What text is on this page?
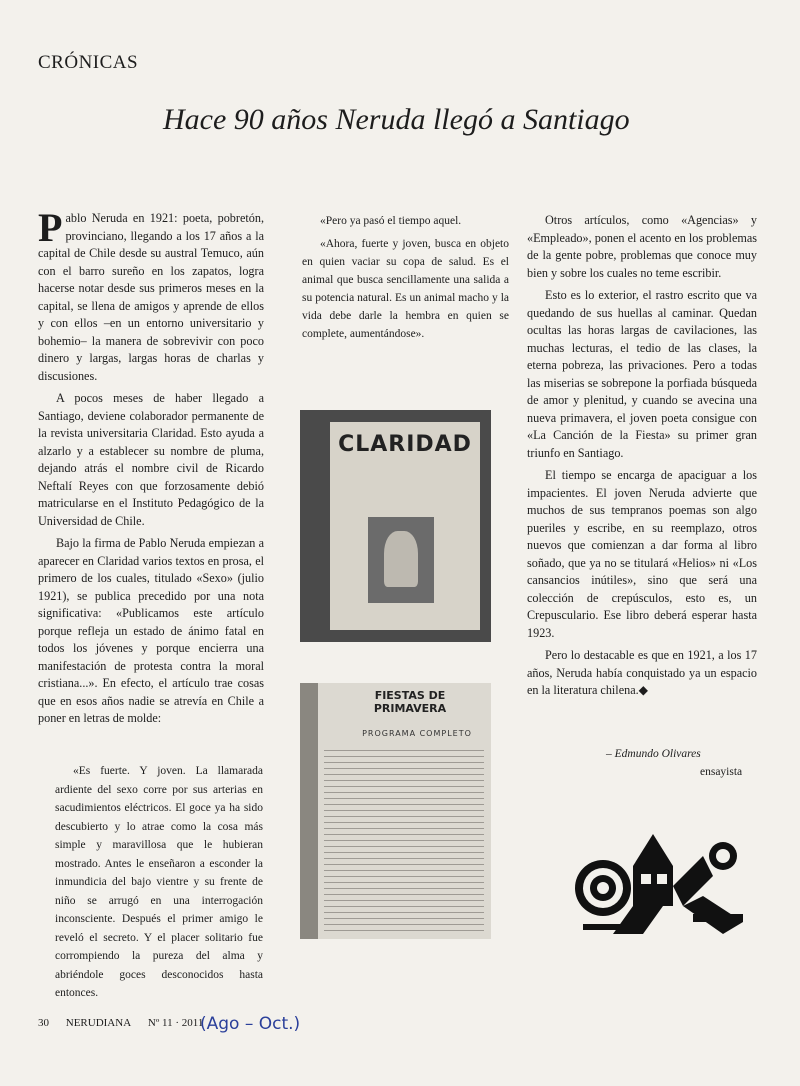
CRÓNICAS
Hace 90 años Neruda llegó a Santiago

Pablo Neruda en 1921: poeta, pobretón, provinciano, llegando a los 17 años a la capital de Chile desde su austral Temuco, aún con el barro sureño en los zapatos, logra hacerse notar desde sus primeros meses en la capital, se llena de amigos y aprende de ellos y con ellos –en un entorno universitario y bohemio– la manera de sobrevivir con poco dinero y largas, largas horas de charlas y discusiones.

A pocos meses de haber llegado a Santiago, deviene colaborador permanente de la revista universitaria Claridad. Esto ayuda a alzarlo y a establecer su nombre de pluma, dejando atrás el nombre civil de Ricardo Neftalí Reyes con que forzosamente debió matricularse en el Instituto Pedagógico de la Universidad de Chile.

Bajo la firma de Pablo Neruda empiezan a aparecer en Claridad varios textos en prosa, el primero de los cuales, titulado «Sexo» (julio 1921), se publica precedido por una nota significativa: «Publicamos este artículo porque refleja un estado de ánimo fatal en todos los jóvenes y porque encierra una manifestación de protesta contra la moral cristiana...». En efecto, el artículo trae cosas que en esos años nadie se atrevía en Chile a poner en letras de molde:

«Es fuerte. Y joven. La llamarada ardiente del sexo corre por sus arterias en sacudimientos eléctricos. El goce ya ha sido descubierto y lo atrae como la cosa más simple y maravillosa que le hubieran mostrado. Antes le enseñaron a esconder la inmundicia del bajo vientre y su frente de niño se arrugó en una interrogación inconsciente. Después el primer amigo le reveló el secreto. Y el placer solitario fue corrompiendo la pureza del alma y abriéndole goces desconocidos hasta entonces.

«Pero ya pasó el tiempo aquel.

«Ahora, fuerte y joven, busca en objeto en quien vaciar su copa de salud. Es el animal que busca sencillamente una salida a su potencia natural. Es un animal macho y la vida debe darle la hembra en quien se complete, aumentándose».

CLARIDAD
FIESTAS DE PRIMAVERA
PROGRAMA COMPLETO

Otros artículos, como «Agencias» y «Empleado», ponen el acento en los problemas de la gente pobre, problemas que conoce muy bien y sobre los cuales no teme escribir.

Esto es lo exterior, el rastro escrito que va quedando de sus huellas al caminar. Quedan ocultas las horas largas de cavilaciones, las muchas lecturas, el tedio de las clases, la eterna pobreza, las privaciones. Pero a todas las miserias se sobrepone la porfiada búsqueda de amor y plenitud, y cuando se avecina una nueva primavera, el joven poeta consigue con «La Canción de la Fiesta» su primer gran triunfo en Santiago.

El tiempo se encarga de apaciguar a los impacientes. El joven Neruda advierte que muchos de sus tempranos poemas son algo pueriles y escribe, en su reemplazo, otros nuevos que comienzan a dar forma al libro soñado, que ya no se titulará «Helios» ni «Los cansancios inútiles», sino que será una colección de crepúsculos, esto es, un Crepusculario. Ese libro deberá esperar hasta 1923.

Pero lo destacable es que en 1921, a los 17 años, Neruda había conquistado ya un espacio en la literatura chilena.◆

– Edmundo Olivares
ensayista
30 NERUDIANA Nº 11 · 2011
(Ago – Oct.)
